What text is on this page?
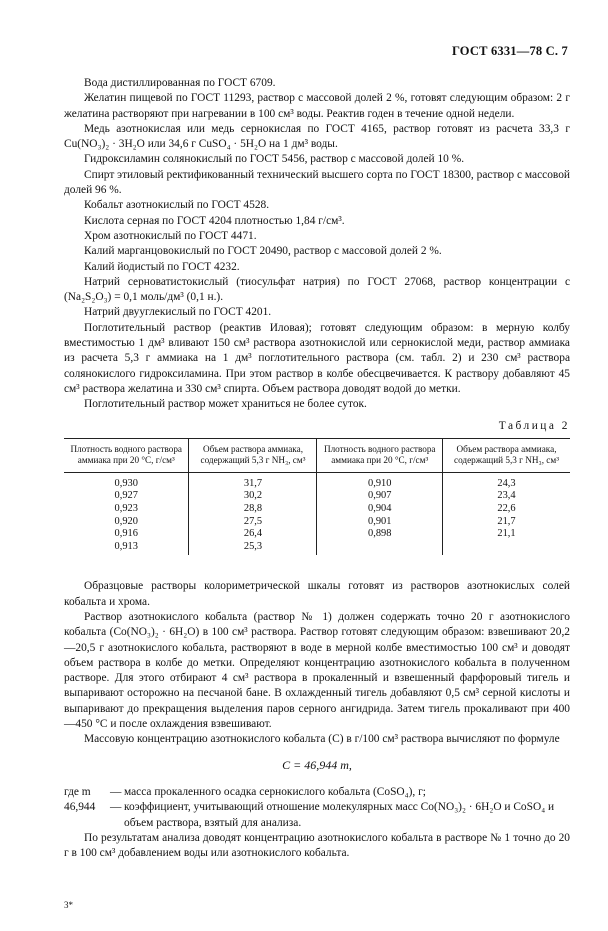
ГОСТ 6331—78 С. 7

Вода дистиллированная по ГОСТ 6709.

Желатин пищевой по ГОСТ 11293, раствор с массовой долей 2 %, готовят следующим образом: 2 г желатина растворяют при нагревании в 100 см³ воды. Реактив годен в течение одной недели.

Медь азотнокислая или медь сернокислая по ГОСТ 4165, раствор готовят из расчета 33,3 г Cu(NO₃)₂ · 3H₂O или 34,6 г CuSO₄ · 5H₂O на 1 дм³ воды.

Гидроксиламин солянокислый по ГОСТ 5456, раствор с массовой долей 10 %.

Спирт этиловый ректификованный технический высшего сорта по ГОСТ 18300, раствор с массовой долей 96 %.

Кобальт азотнокислый по ГОСТ 4528.

Кислота серная по ГОСТ 4204 плотностью 1,84 г/см³.

Хром азотнокислый по ГОСТ 4471.

Калий марганцовокислый по ГОСТ 20490, раствор с массовой долей 2 %.

Калий йодистый по ГОСТ 4232.

Натрий серноватистокислый (тиосульфат натрия) по ГОСТ 27068, раствор концентрации c (Na₂S₂O₃) = 0,1 моль/дм³ (0,1 н.).

Натрий двууглекислый по ГОСТ 4201.

Поглотительный раствор (реактив Иловая); готовят следующим образом: в мерную колбу вместимостью 1 дм³ вливают 150 см³ раствора азотнокислой или сернокислой меди, раствор аммиака из расчета 5,3 г аммиака на 1 дм³ поглотительного раствора (см. табл. 2) и 230 см³ раствора солянокислого гидроксиламина. При этом раствор в колбе обесцвечивается. К раствору добавляют 45 см³ раствора желатина и 330 см³ спирта. Объем раствора доводят водой до метки.

Поглотительный раствор может храниться не более суток.

Таблица 2
Плотность водного раствора аммиака при 20 °С, г/см³	Объем раствора аммиака, содержащий 5,3 г NH₃, см³	Плотность водного раствора аммиака при 20 °С, г/см³	Объем раствора аммиака, содержащий 5,3 г NH₃, см³
0,930	31,7	0,910	24,3
0,927	30,2	0,907	23,4
0,923	28,8	0,904	22,6
0,920	27,5	0,901	21,7
0,916	26,4	0,898	21,1
0,913	25,3		

Образцовые растворы колориметрической шкалы готовят из растворов азотнокислых солей кобальта и хрома.

Раствор азотнокислого кобальта (раствор № 1) должен содержать точно 20 г азотнокислого кобальта (Co(NO₃)₂ · 6H₂O) в 100 см³ раствора. Раствор готовят следующим образом: взвешивают 20,2—20,5 г азотнокислого кобальта, растворяют в воде в мерной колбе вместимостью 100 см³ и доводят объем раствора в колбе до метки. Определяют концентрацию азотнокислого кобальта в полученном растворе. Для этого отбирают 4 см³ раствора в прокаленный и взвешенный фарфоровый тигель и выпаривают осторожно на песчаной бане. В охлажденный тигель добавляют 0,5 см³ серной кислоты и выпаривают до прекращения выделения паров серного ангидрида. Затем тигель прокаливают при 400—450 °С и после охлаждения взвешивают.

Массовую концентрацию азотнокислого кобальта (C) в г/100 см³ раствора вычисляют по формуле

C = 46,944 m,
где m	— масса прокаленного осадка сернокислого кобальта (CoSO₄), г;
46,944	— коэффициент, учитывающий отношение молекулярных масс Co(NO₃)₂ · 6H₂O и CoSO₄ и объем раствора, взятый для анализа.

По результатам анализа доводят концентрацию азотнокислого кобальта в растворе № 1 точно до 20 г в 100 см³ добавлением воды или азотнокислого кобальта.

3*
